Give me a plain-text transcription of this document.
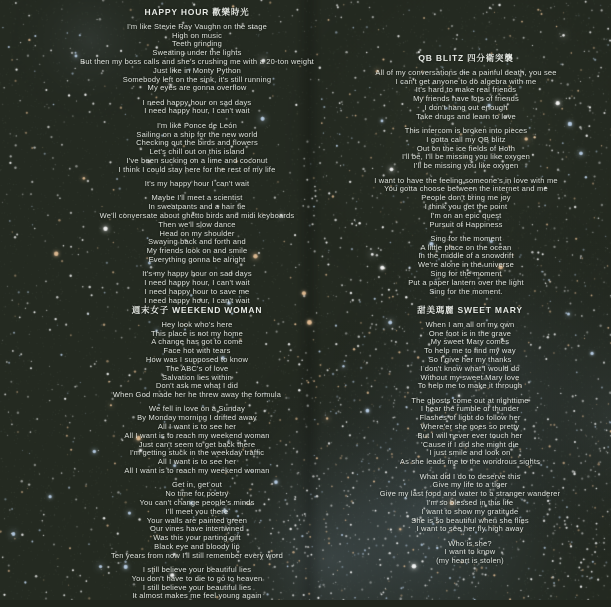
HAPPY HOUR 歡樂時光

I'm like Stevie Ray Vaughn on the stage
High on music
Teeth grinding
Sweating under the lights
But then my boss calls and she's crushing me with a 20-ton weight
Just like in Monty Python
Somebody left on the sink, it's still running
My eyes are gonna overflow

I need happy hour on sad days
I need happy hour, I can't wait

I'm like Ponce de León
Sailing on a ship for the new world
Checking out the birds and flowers
Let's chill out on this island
I've been sucking on a lime and coconut
I think I could stay here for the rest of my life

It's my happy hour I can't wait

Maybe I'll meet a scientist
In sweatpants and a hair tie
We'll conversate about ghetto birds and midi keyboards
Then we'll slow dance
Head on my shoulder
Swaying back and forth and
My friends look on and smile
Everything gonna be alright

It's my happy hour on sad days
I need happy hour, I can't wait
I need happy hour to save me
I need happy hour, I can't wait

QB BLITZ 四分衛突襲

All of my conversations die a painful death, you see
I can't get anyone to do algebra with me
It's hard to make real friends
My friends have lots of friends
I don't hang out enough
Take drugs and learn to love

This intercom is broken into pieces
I gotta call my QB blitz
Out on the ice fields of Hoth
I'll be, I'll be missing you like oxygen
I'll be missing you like oxygen

I want to have the feeling someone's in love with me
You gotta choose between the internet and me
People don't bring me joy
I think you get the point
I'm on an epic quest
Pursuit of Happiness

Sing for the moment
A little place on the ocean
In the middle of a snowdrift
We're alone in the universe
Sing for the moment
Put a paper lantern over the light
Sing for the moment.

週末女子 WEEKEND WOMAN

Hey look who's here
This place is not my home
A change has got to come
Face hot with tears
How was I supposed to know
The ABC's of love
Salvation lies within
Don't ask me what I did
When God made her he threw away the formula

We fell in love on a Sunday
By Monday morning I drifted away
All I want is to see her
All I want is to reach my weekend woman
Just can't seem to get back there
I'm getting stuck in the weekday traffic
All I want is to see her
All I want is to reach my weekend woman

Get in, get out
No time for poetry
You can't change people's minds
I'll meet you there
Your walls are painted green
Our vines have intertwined
Was this your parting gift
Black eye and bloody lip
Ten years from now I'll still remember every word

I still believe your beautiful lies
You don't have to die to go to heaven
I still believe your beautiful lies
It almost makes me feel young again

甜美瑪麗 SWEET MARY

When I am all on my own
One foot is in the grave
My sweet Mary comes
To help me to find my way
So I give her my thanks
I don't know what I would do
Without my sweet Mary love
To help me to make it through

The ghosts come out at nighttime
I hear the rumble of thunder
Flashes of light do follow her
Where'er she goes so pretty
But I will never ever touch her
'Cause if I did she might die
I just smile and look on
As she leads me to the wondrous sights

What did I do to deserve this
Give my life to a tiger
Give my last food and water to a stranger wanderer
I'm so blessed in this life
I want to show my gratitude
She is so beautiful when she flies
I want to see her fly high away

Who is she?
I want to know
(my heart is stolen)
